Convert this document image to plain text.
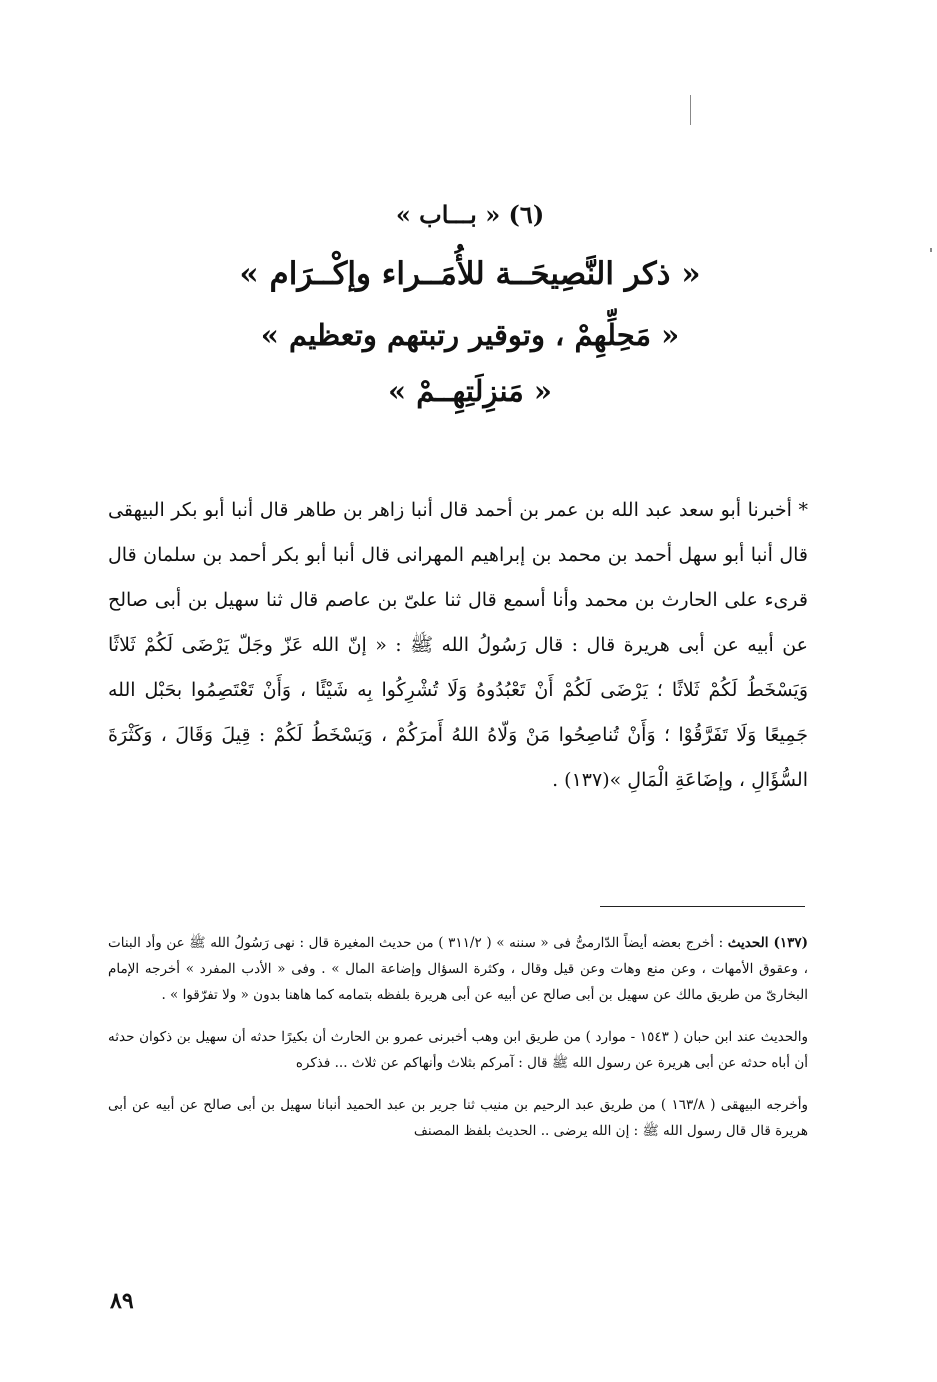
(٦) « بـــاب »
« ذكر النَّصِيحَــة للأُمَــراء وإكْــرَام »
« مَحِلِّهِمْ ، وتوقير رتبتهم وتعظيم »
« مَنزِلَتِهِــمْ »

* أخبرنا أبو سعد عبد الله بن عمر بن أحمد قال أنبا زاهر بن طاهر قال أنبا أبو بكر البيهقى قال أنبا أبو سهل أحمد بن محمد بن إبراهيم المهرانى قال أنبا أبو بكر أحمد بن سلمان قال قرىء على الحارث بن محمد وأنا أسمع قال ثنا علىّ بن عاصم قال ثنا سهيل بن أبى صالح عن أبيه عن أبى هريرة قال : قال رَسُولُ الله ﷺ : « إنّ الله عَزّ وجَلّ يَرْضَى لَكُمْ ثَلاثًا وَيَسْخَطُ لَكُمْ ثَلاثًا ؛ يَرْضَى لَكُمْ أَنْ تَعْبُدُوهُ وَلَا تُشْرِكُوا بِه شَيْئًا ، وَأَنْ تَعْتَصِمُوا بحَبْل الله جَمِيعًا وَلَا تَفَرَّقُوْا ؛ وَأَنْ تُناصِحُوا مَنْ وَلّاهُ اللهُ أَمرَكُمْ ، وَيَسْخَطُ لَكُمْ : قِيلَ وَقَالَ ، وَكَثْرَةَ السُّؤَالِ ، وإضَاعَةِ الْمَالِ »(١٣٧) .

(١٣٧) الحديث : أخرج بعضه أيضاً الدّارمىُّ فى « سننه » ( ٣١١/٢ ) من حديث المغيرة قال : نهى رَسُولُ الله ﷺ عن وأد البنات ، وعقوق الأمهات ، وعن منع وهات وعن قيل وقال ، وكثرة السؤال وإضاعة المال » . وفى « الأدب المفرد » أخرجه الإمام البخارىّ من طريق مالك عن سهيل بن أبى صالح عن أبيه عن أبى هريرة بلفظه بتمامه كما هاهنا بدون « ولا تفرّقوا » .

والحديث عند ابن حبان ( ١٥٤٣ - موارد ) من طريق ابن وهب أخبرنى عمرو بن الحارث أن بكيرًا حدثه أن سهيل بن ذكوان حدثه أن أباه حدثه عن أبى هريرة عن رسول الله ﷺ قال : آمركم بثلاث وأنهاكم عن ثلاث ... فذكره

وأخرجه البيهقى ( ١٦٣/٨ ) من طريق عبد الرحيم بن منيب ثنا جرير بن عبد الحميد أنبانا سهيل بن أبى صالح عن أبيه عن أبى هريرة قال قال رسول الله ﷺ : إن الله يرضى .. الحديث بلفظ المصنف

٨٩
